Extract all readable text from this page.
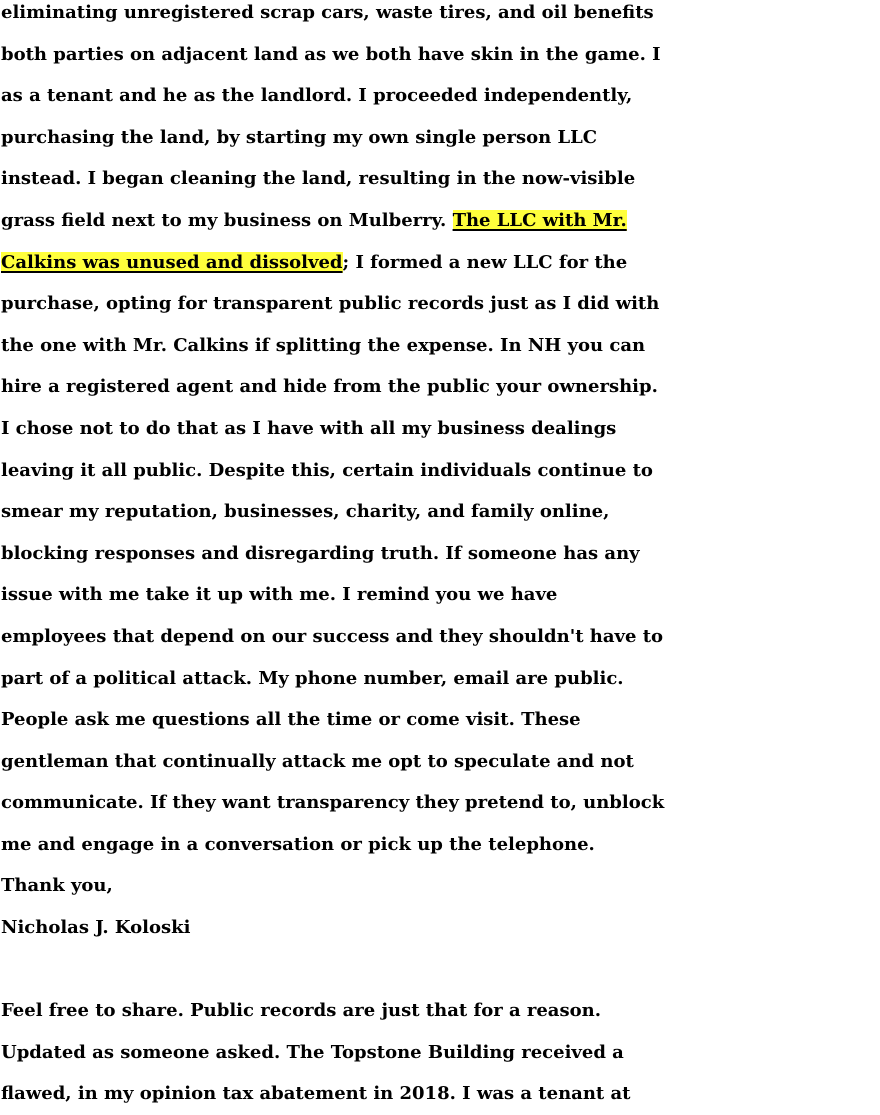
eliminating unregistered scrap cars, waste tires, and oil benefits
both parties on adjacent land as we both have skin in the game. I
as a tenant and he as the landlord. I proceeded independently,
purchasing the land, by starting my own single person LLC
instead. I began cleaning the land, resulting in the now-visible
grass field next to my business on Mulberry. The LLC with Mr.
Calkins was unused and dissolved; I formed a new LLC for the
purchase, opting for transparent public records just as I did with
the one with Mr. Calkins if splitting the expense. In NH you can
hire a registered agent and hide from the public your ownership.
I chose not to do that as I have with all my business dealings
leaving it all public. Despite this, certain individuals continue to
smear my reputation, businesses, charity, and family online,
blocking responses and disregarding truth. If someone has any
issue with me take it up with me. I remind you we have
employees that depend on our success and they shouldn't have to
part of a political attack. My phone number, email are public.
People ask me questions all the time or come visit. These
gentleman that continually attack me opt to speculate and not
communicate. If they want transparency they pretend to, unblock
me and engage in a conversation or pick up the telephone.
Thank you,
Nicholas J. Koloski
Feel free to share. Public records are just that for a reason.
Updated as someone asked. The Topstone Building received a
flawed, in my opinion tax abatement in 2018. I was a tenant at
